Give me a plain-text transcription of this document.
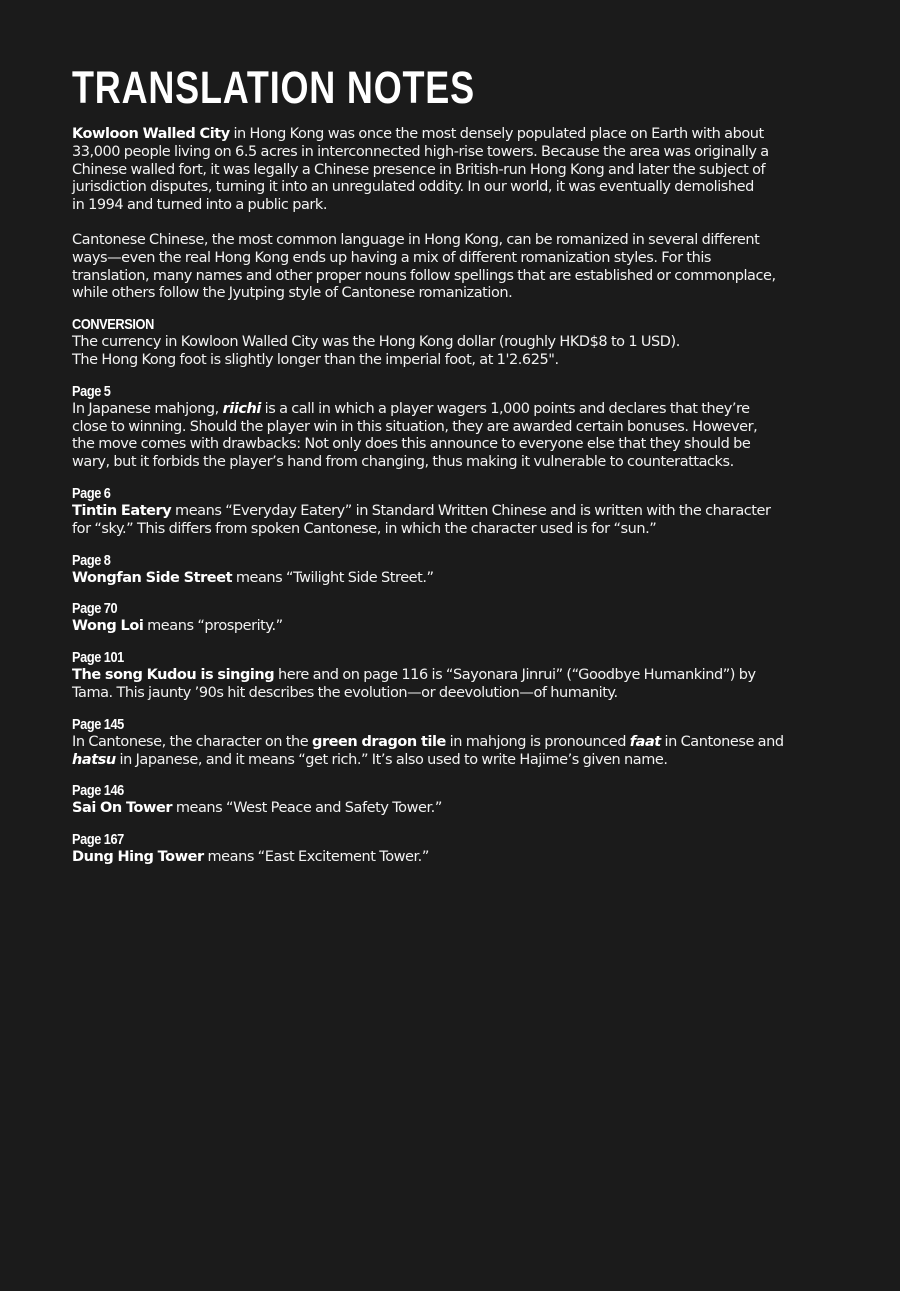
TRANSLATION NOTES

Kowloon Walled City in Hong Kong was once the most densely populated place on Earth with about
33,000 people living on 6.5 acres in interconnected high-rise towers. Because the area was originally a
Chinese walled fort, it was legally a Chinese presence in British-run Hong Kong and later the subject of
jurisdiction disputes, turning it into an unregulated oddity. In our world, it was eventually demolished
in 1994 and turned into a public park.

Cantonese Chinese, the most common language in Hong Kong, can be romanized in several different
ways—even the real Hong Kong ends up having a mix of different romanization styles. For this
translation, many names and other proper nouns follow spellings that are established or commonplace,
while others follow the Jyutping style of Cantonese romanization.

CONVERSION
The currency in Kowloon Walled City was the Hong Kong dollar (roughly HKD$8 to 1 USD).
The Hong Kong foot is slightly longer than the imperial foot, at 1'2.625".
Page 5
In Japanese mahjong, riichi is a call in which a player wagers 1,000 points and declares that they’re
close to winning. Should the player win in this situation, they are awarded certain bonuses. However,
the move comes with drawbacks: Not only does this announce to everyone else that they should be
wary, but it forbids the player’s hand from changing, thus making it vulnerable to counterattacks.
Page 6
Tintin Eatery means “Everyday Eatery” in Standard Written Chinese and is written with the character
for “sky.” This differs from spoken Cantonese, in which the character used is for “sun.”
Page 8
Wongfan Side Street means “Twilight Side Street.”
Page 70
Wong Loi means “prosperity.”
Page 101
The song Kudou is singing here and on page 116 is “Sayonara Jinrui” (“Goodbye Humankind”) by
Tama. This jaunty ’90s hit describes the evolution—or deevolution—of humanity.
Page 145
In Cantonese, the character on the green dragon tile in mahjong is pronounced faat in Cantonese and
hatsu in Japanese, and it means “get rich.” It’s also used to write Hajime’s given name.
Page 146
Sai On Tower means “West Peace and Safety Tower.”
Page 167
Dung Hing Tower means “East Excitement Tower.”
